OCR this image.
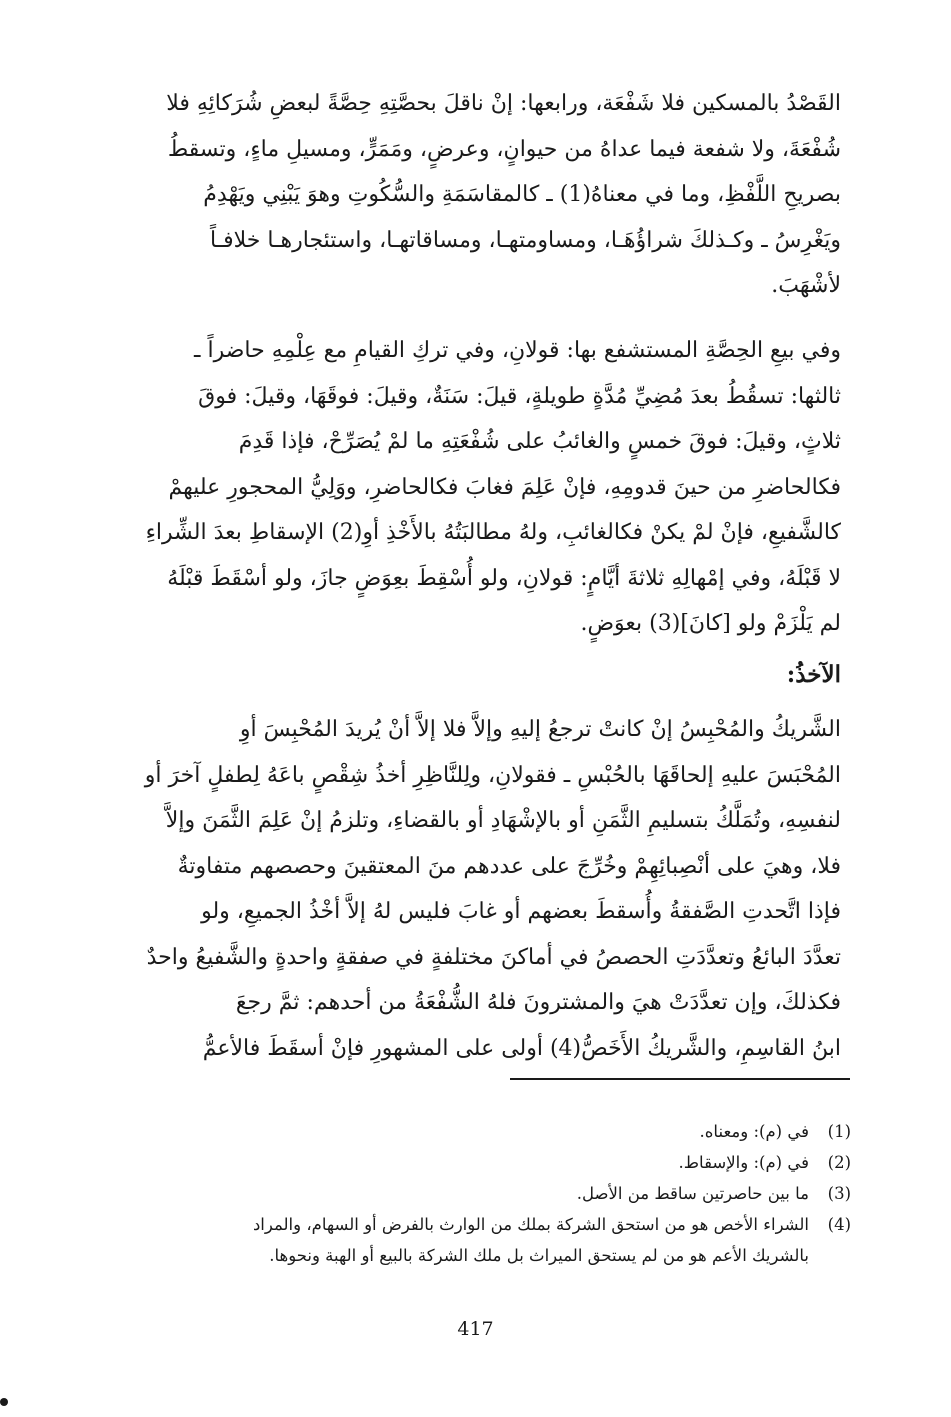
القَصْدُ بالمسكين فلا شَفْعَة، ورابعها: إنْ ناقلَ بحصَّتِهِ حِصَّةً لبعضِ شُرَكائِهِ فلا
شُفْعَةَ، ولا شفعة فيما عداهُ من حيوانٍ، وعرضٍ، ومَمَرٍّ، ومسيلِ ماءٍ، وتسقطُ
بصريحِ اللَّفْظِ، وما في معناهُ(1) ـ كالمقاسَمَةِ والسُّكُوتِ وهوَ يَبْنِي ويَهْدِمُ
ويَغْرِسُ ـ وكـذلكَ شراؤُهَـا، ومساومتهـا، ومساقاتهـا، واستئجارهـا خلافـاً
لأشْهَبَ.
وفي بيعِ الحِصَّةِ المستشفع بها: قولانِ، وفي تركِ القيامِ مع عِلْمِهِ حاضراً ـ
ثالثها: تسقُطُ بعدَ مُضِيِّ مُدَّةٍ طويلةٍ، قيلَ: سَنَةٌ، وقيلَ: فوقَهَا، وقيلَ: فوقَ
ثلاثٍ، وقيلَ: فوقَ خمسٍ والغائبُ على شُفْعَتِهِ ما لمْ يُصَرِّحْ، فإذا قَدِمَ
فكالحاضرِ من حينَ قدومِهِ، فإنْ عَلِمَ فغابَ فكالحاضرِ، ووَلِيُّ المحجورِ عليهمْ
كالشَّفيعِ، فإنْ لمْ يكنْ فكالغائبِ، ولهُ مطالبَتُهُ بالأَخْذِ أوِ(2) الإسقاطِ بعدَ الشِّراءِ
لا قَبْلَهُ، وفي إمْهالِهِ ثلاثةَ أيَّامٍ: قولانِ، ولو أُسْقِطَ بعِوَضٍ جازَ، ولو أسْقَطَ قبْلَهُ
لم يَلْزَمْ ولو [كانَ](3) بعوَضٍ.
الآخذُ:
الشَّريكُ والمُحْبِسُ إنْ كانتْ ترجعُ إليهِ وإلاَّ فلا إلاَّ أنْ يُريدَ المُحْبِسَ أوِ
المُحْبَسَ عليهِ إلحاقَهَا بالحُبْسِ ـ فقولانِ، ولِلنَّاظِرِ أخذُ شِقْصٍ باعَهُ لِطفلٍ آخرَ أو
لنفسِهِ، وتُمَلَّكُ بتسليمِ الثَّمَنِ أو بالإشْهَادِ أو بالقضاءِ، وتلزمُ إنْ عَلِمَ الثَّمَنَ وإلاَّ
فلا، وهيَ على أنْصِبائِهِمْ وخُرِّجَ على عددهم منَ المعتقينَ وحصصهم متفاوتةٌ
فإذا اتَّحدتِ الصَّفقةُ وأُسقطَ بعضهم أو غابَ فليس لهُ إلاَّ أخْذُ الجميعِ، ولو
تعدَّدَ البائعُ وتعدَّدَتِ الحصصُ في أماكنَ مختلفةٍ في صفقةٍ واحدةٍ والشَّفيعُ واحدٌ
فكذلكَ، وإن تعدَّدَتْ هيَ والمشترونَ فلهُ الشُّفْعَةُ من أحدهم: ثمَّ رجعَ
ابنُ القاسِمِ، والشَّريكُ الأَخَصُّ(4) أولى على المشهورِ فإنْ أسقَطَ فالأعمُّ
(1)
في (م): ومعناه.
(2)
في (م): والإسقاط.
(3)
ما بين حاصرتين ساقط من الأصل.
(4)
الشراء الأخص هو من استحق الشركة بملك من الوارث بالفرض أو السهام، والمراد
بالشريك الأعم هو من لم يستحق الميراث بل ملك الشركة بالبيع أو الهبة ونحوها.
417
